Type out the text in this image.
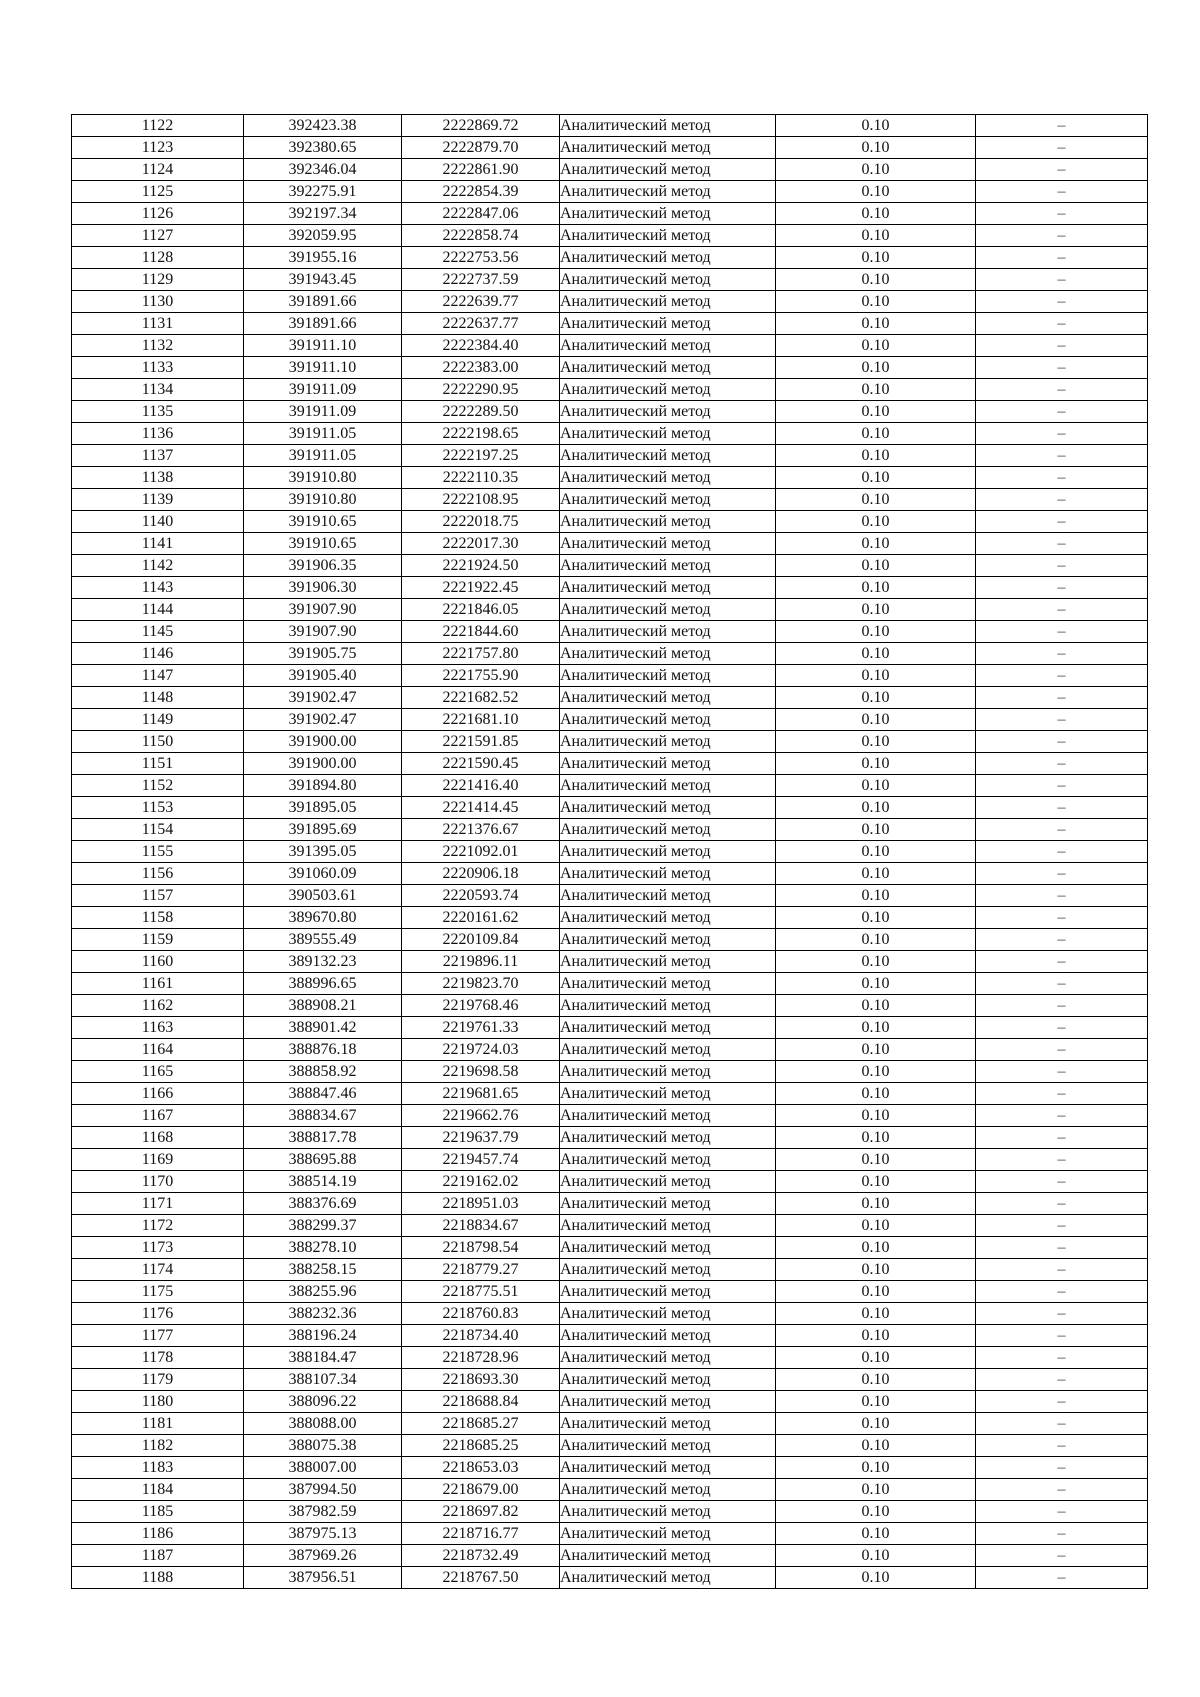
1122	392423.38	2222869.72	Аналитический метод	0.10	–
1123	392380.65	2222879.70	Аналитический метод	0.10	–
1124	392346.04	2222861.90	Аналитический метод	0.10	–
1125	392275.91	2222854.39	Аналитический метод	0.10	–
1126	392197.34	2222847.06	Аналитический метод	0.10	–
1127	392059.95	2222858.74	Аналитический метод	0.10	–
1128	391955.16	2222753.56	Аналитический метод	0.10	–
1129	391943.45	2222737.59	Аналитический метод	0.10	–
1130	391891.66	2222639.77	Аналитический метод	0.10	–
1131	391891.66	2222637.77	Аналитический метод	0.10	–
1132	391911.10	2222384.40	Аналитический метод	0.10	–
1133	391911.10	2222383.00	Аналитический метод	0.10	–
1134	391911.09	2222290.95	Аналитический метод	0.10	–
1135	391911.09	2222289.50	Аналитический метод	0.10	–
1136	391911.05	2222198.65	Аналитический метод	0.10	–
1137	391911.05	2222197.25	Аналитический метод	0.10	–
1138	391910.80	2222110.35	Аналитический метод	0.10	–
1139	391910.80	2222108.95	Аналитический метод	0.10	–
1140	391910.65	2222018.75	Аналитический метод	0.10	–
1141	391910.65	2222017.30	Аналитический метод	0.10	–
1142	391906.35	2221924.50	Аналитический метод	0.10	–
1143	391906.30	2221922.45	Аналитический метод	0.10	–
1144	391907.90	2221846.05	Аналитический метод	0.10	–
1145	391907.90	2221844.60	Аналитический метод	0.10	–
1146	391905.75	2221757.80	Аналитический метод	0.10	–
1147	391905.40	2221755.90	Аналитический метод	0.10	–
1148	391902.47	2221682.52	Аналитический метод	0.10	–
1149	391902.47	2221681.10	Аналитический метод	0.10	–
1150	391900.00	2221591.85	Аналитический метод	0.10	–
1151	391900.00	2221590.45	Аналитический метод	0.10	–
1152	391894.80	2221416.40	Аналитический метод	0.10	–
1153	391895.05	2221414.45	Аналитический метод	0.10	–
1154	391895.69	2221376.67	Аналитический метод	0.10	–
1155	391395.05	2221092.01	Аналитический метод	0.10	–
1156	391060.09	2220906.18	Аналитический метод	0.10	–
1157	390503.61	2220593.74	Аналитический метод	0.10	–
1158	389670.80	2220161.62	Аналитический метод	0.10	–
1159	389555.49	2220109.84	Аналитический метод	0.10	–
1160	389132.23	2219896.11	Аналитический метод	0.10	–
1161	388996.65	2219823.70	Аналитический метод	0.10	–
1162	388908.21	2219768.46	Аналитический метод	0.10	–
1163	388901.42	2219761.33	Аналитический метод	0.10	–
1164	388876.18	2219724.03	Аналитический метод	0.10	–
1165	388858.92	2219698.58	Аналитический метод	0.10	–
1166	388847.46	2219681.65	Аналитический метод	0.10	–
1167	388834.67	2219662.76	Аналитический метод	0.10	–
1168	388817.78	2219637.79	Аналитический метод	0.10	–
1169	388695.88	2219457.74	Аналитический метод	0.10	–
1170	388514.19	2219162.02	Аналитический метод	0.10	–
1171	388376.69	2218951.03	Аналитический метод	0.10	–
1172	388299.37	2218834.67	Аналитический метод	0.10	–
1173	388278.10	2218798.54	Аналитический метод	0.10	–
1174	388258.15	2218779.27	Аналитический метод	0.10	–
1175	388255.96	2218775.51	Аналитический метод	0.10	–
1176	388232.36	2218760.83	Аналитический метод	0.10	–
1177	388196.24	2218734.40	Аналитический метод	0.10	–
1178	388184.47	2218728.96	Аналитический метод	0.10	–
1179	388107.34	2218693.30	Аналитический метод	0.10	–
1180	388096.22	2218688.84	Аналитический метод	0.10	–
1181	388088.00	2218685.27	Аналитический метод	0.10	–
1182	388075.38	2218685.25	Аналитический метод	0.10	–
1183	388007.00	2218653.03	Аналитический метод	0.10	–
1184	387994.50	2218679.00	Аналитический метод	0.10	–
1185	387982.59	2218697.82	Аналитический метод	0.10	–
1186	387975.13	2218716.77	Аналитический метод	0.10	–
1187	387969.26	2218732.49	Аналитический метод	0.10	–
1188	387956.51	2218767.50	Аналитический метод	0.10	–
